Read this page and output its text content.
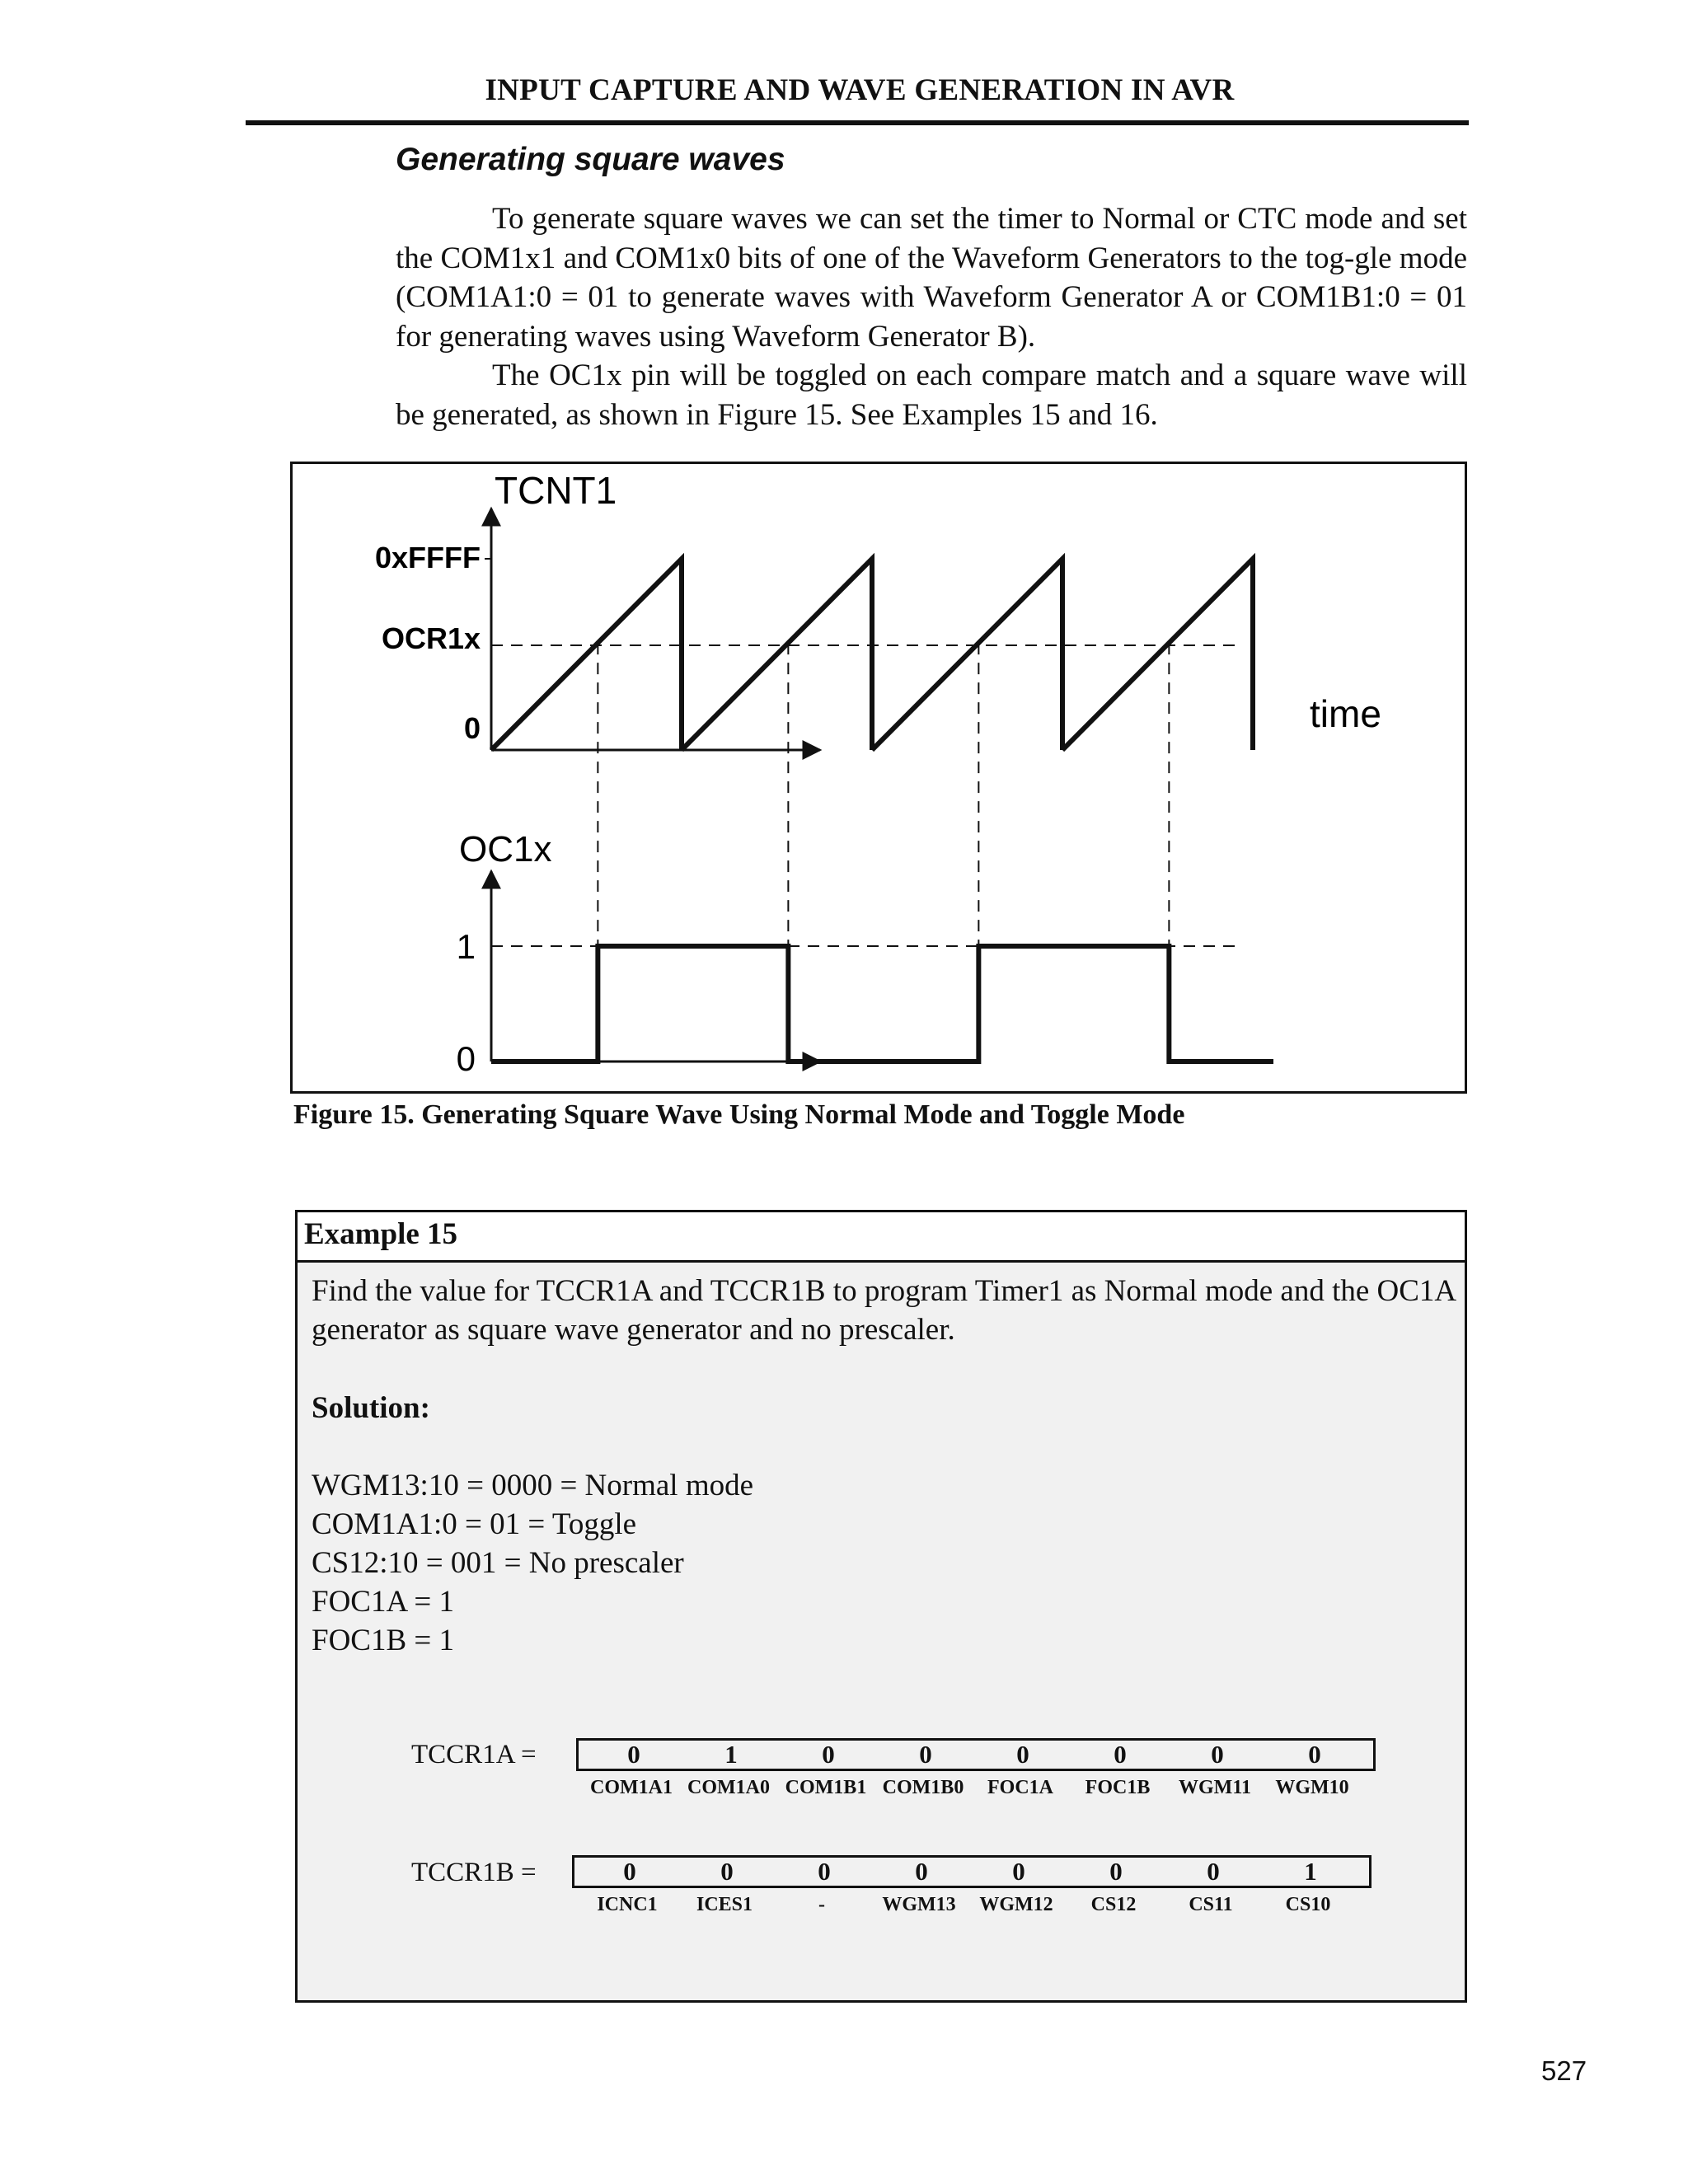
INPUT CAPTURE AND WAVE GENERATION IN AVR
Generating square waves

To generate square waves we can set the timer to Normal or CTC mode and set the COM1x1 and COM1x0 bits of one of the Waveform Generators to the tog-gle mode (COM1A1:0 = 01 to generate waves with Waveform Generator A or COM1B1:0 = 01 for generating waves using Waveform Generator B).

The OC1x pin will be toggled on each compare match and a square wave will be generated, as shown in Figure 15. See Examples 15 and 16.

TCNT1
0xFFFF
OCR1x
0	time
OC1x
1
0
Figure 15. Generating Square Wave Using Normal Mode and Toggle Mode
Example 15
Find the value for TCCR1A and TCCR1B to program Timer1 as Normal mode and the OC1A generator as square wave generator and no prescaler.
Solution:
WGM13:10 = 0000 = Normal mode
COM1A1:0 = 01 = Toggle
CS12:10 = 001 = No prescaler
FOC1A = 1
FOC1B = 1
TCCR1A =	0	1	0	0	0	0	0	0
COM1A1 COM1A0 COM1B1 COM1B0	FOC1A	FOC1B	WGM11	WGM10
TCCR1B =	0	0	0	0	0	0	0	1
ICNC1	ICES1	-	WGM13	WGM12	CS12	CS11	CS10
527
